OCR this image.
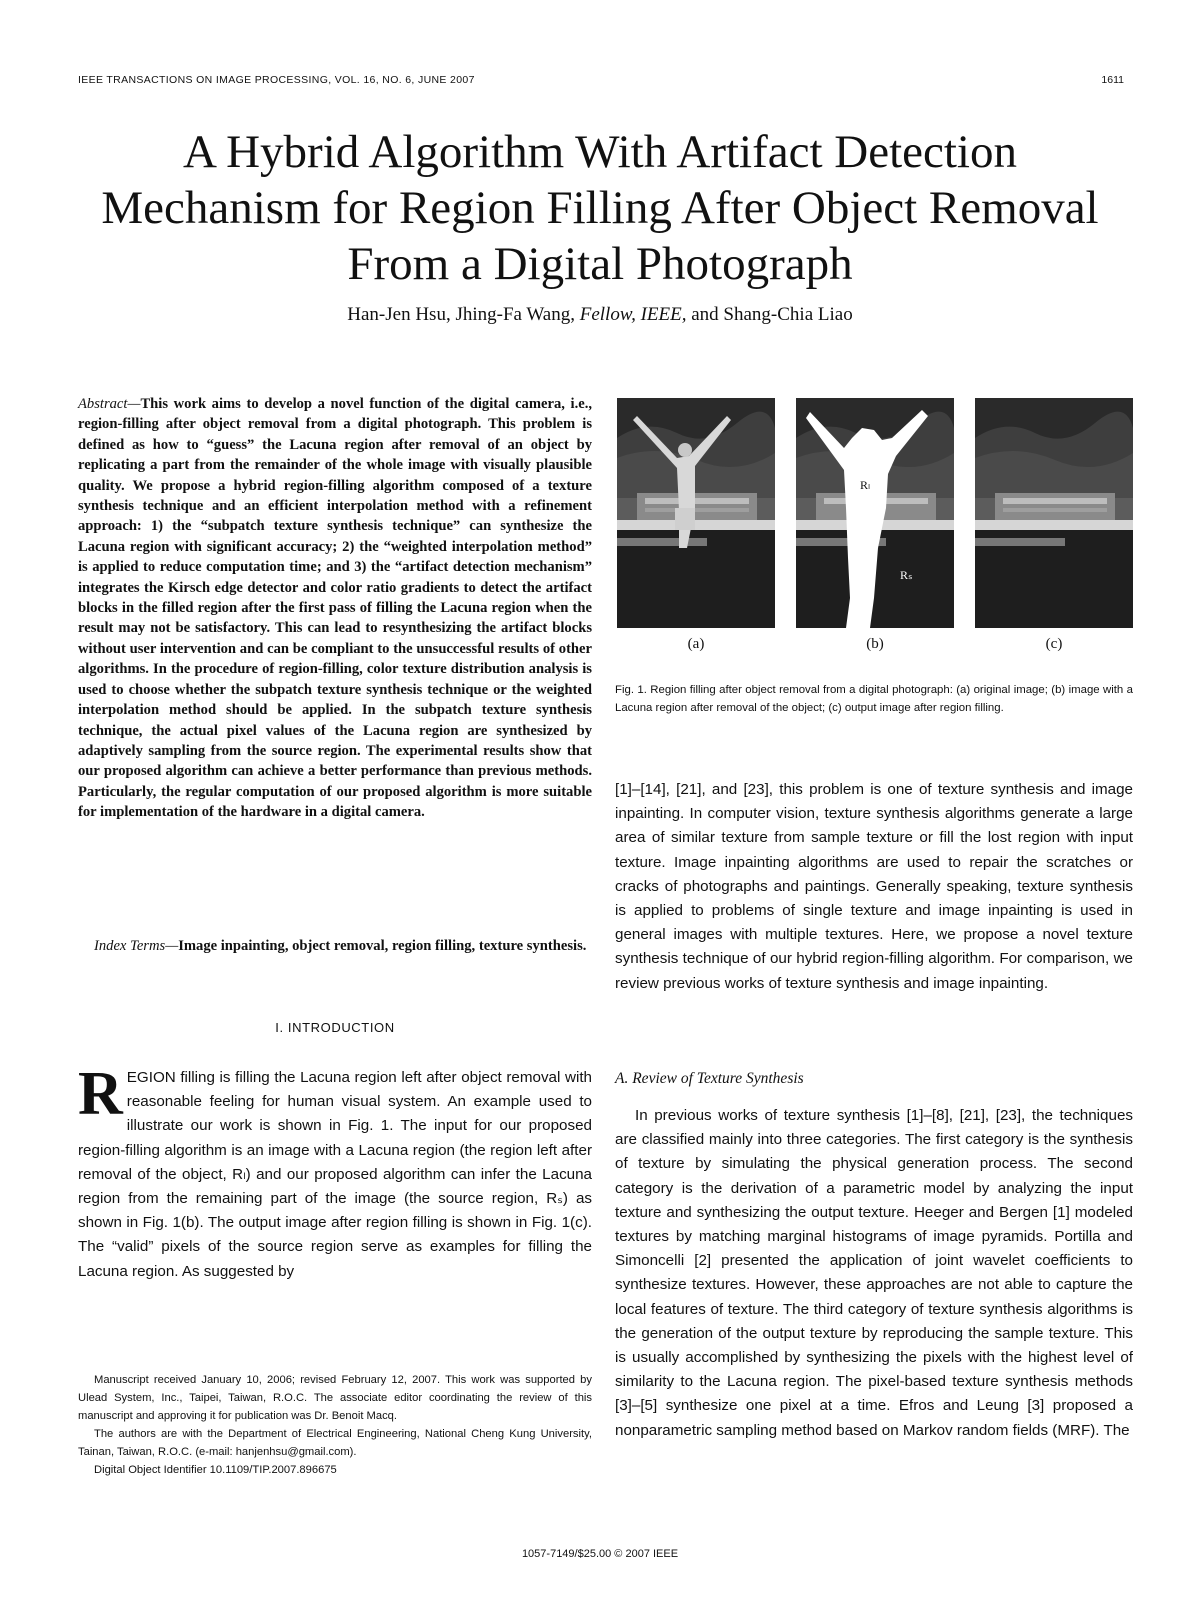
IEEE TRANSACTIONS ON IMAGE PROCESSING, VOL. 16, NO. 6, JUNE 2007	1611
A Hybrid Algorithm With Artifact Detection Mechanism for Region Filling After Object Removal From a Digital Photograph
Han-Jen Hsu, Jhing-Fa Wang, Fellow, IEEE, and Shang-Chia Liao

Abstract—This work aims to develop a novel function of the digital camera, i.e., region-filling after object removal from a digital photograph. This problem is defined as how to “guess” the Lacuna region after removal of an object by replicating a part from the remainder of the whole image with visually plausible quality. We propose a hybrid region-filling algorithm composed of a texture synthesis technique and an efficient interpolation method with a refinement approach: 1) the “subpatch texture synthesis technique” can synthesize the Lacuna region with significant accuracy; 2) the “weighted interpolation method” is applied to reduce computation time; and 3) the “artifact detection mechanism” integrates the Kirsch edge detector and color ratio gradients to detect the artifact blocks in the filled region after the first pass of filling the Lacuna region when the result may not be satisfactory. This can lead to resynthesizing the artifact blocks without user intervention and can be compliant to the unsuccessful results of other algorithms. In the procedure of region-filling, color texture distribution analysis is used to choose whether the subpatch texture synthesis technique or the weighted interpolation method should be applied. In the subpatch texture synthesis technique, the actual pixel values of the Lacuna region are synthesized by adaptively sampling from the source region. The experimental results show that our proposed algorithm can achieve a better performance than previous methods. Particularly, the regular computation of our proposed algorithm is more suitable for implementation of the hardware in a digital camera.

Index Terms—Image inpainting, object removal, region filling, texture synthesis.

I. INTRODUCTION

REGION filling is filling the Lacuna region left after object removal with reasonable feeling for human visual system. An example used to illustrate our work is shown in Fig. 1. The input for our proposed region-filling algorithm is an image with a Lacuna region (the region left after removal of the object, Rₗ) and our proposed algorithm can infer the Lacuna region from the remaining part of the image (the source region, Rₛ) as shown in Fig. 1(b). The output image after region filling is shown in Fig. 1(c). The “valid” pixels of the source region serve as examples for filling the Lacuna region. As suggested by

Manuscript received January 10, 2006; revised February 12, 2007. This work was supported by Ulead System, Inc., Taipei, Taiwan, R.O.C. The associate editor coordinating the review of this manuscript and approving it for publication was Dr. Benoit Macq.

The authors are with the Department of Electrical Engineering, National Cheng Kung University, Tainan, Taiwan, R.O.C. (e-mail: hanjenhsu@gmail.com).

Digital Object Identifier 10.1109/TIP.2007.896675

(a)
Rₗ
Rₛ
(b)	(c)

Fig. 1. Region filling after object removal from a digital photograph: (a) original image; (b) image with a Lacuna region after removal of the object; (c) output image after region filling.

[1]–[14], [21], and [23], this problem is one of texture synthesis and image inpainting. In computer vision, texture synthesis algorithms generate a large area of similar texture from sample texture or fill the lost region with input texture. Image inpainting algorithms are used to repair the scratches or cracks of photographs and paintings. Generally speaking, texture synthesis is applied to problems of single texture and image inpainting is used in general images with multiple textures. Here, we propose a novel texture synthesis technique of our hybrid region-filling algorithm. For comparison, we review previous works of texture synthesis and image inpainting.

A. Review of Texture Synthesis

In previous works of texture synthesis [1]–[8], [21], [23], the techniques are classified mainly into three categories. The first category is the synthesis of texture by simulating the physical generation process. The second category is the derivation of a parametric model by analyzing the input texture and synthesizing the output texture. Heeger and Bergen [1] modeled textures by matching marginal histograms of image pyramids. Portilla and Simoncelli [2] presented the application of joint wavelet coefficients to synthesize textures. However, these approaches are not able to capture the local features of texture. The third category of texture synthesis algorithms is the generation of the output texture by reproducing the sample texture. This is usually accomplished by synthesizing the pixels with the highest level of similarity to the Lacuna region. The pixel-based texture synthesis methods [3]–[5] synthesize one pixel at a time. Efros and Leung [3] proposed a nonparametric sampling method based on Markov random fields (MRF). The

1057-7149/$25.00 © 2007 IEEE
